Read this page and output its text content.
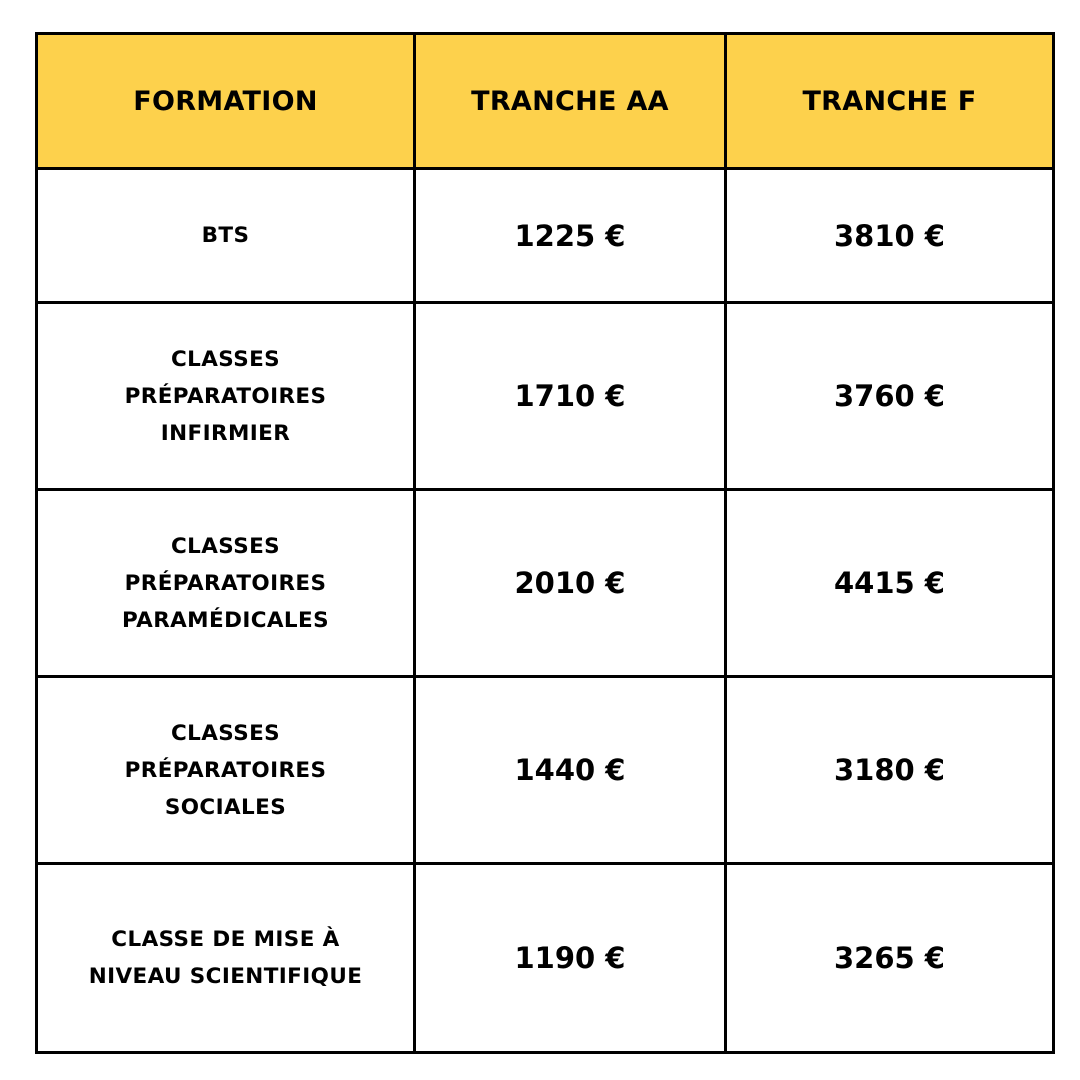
FORMATION	TRANCHE AA	TRANCHE F

BTS	1225 €	3810 €

CLASSES
PRÉPARATOIRES
INFIRMIER	1710 €	3760 €

CLASSES
PRÉPARATOIRES
PARAMÉDICALES	2010 €	4415 €

CLASSES
PRÉPARATOIRES
SOCIALES	1440 €	3180 €

CLASSE DE MISE À
NIVEAU SCIENTIFIQUE	1190 €	3265 €
